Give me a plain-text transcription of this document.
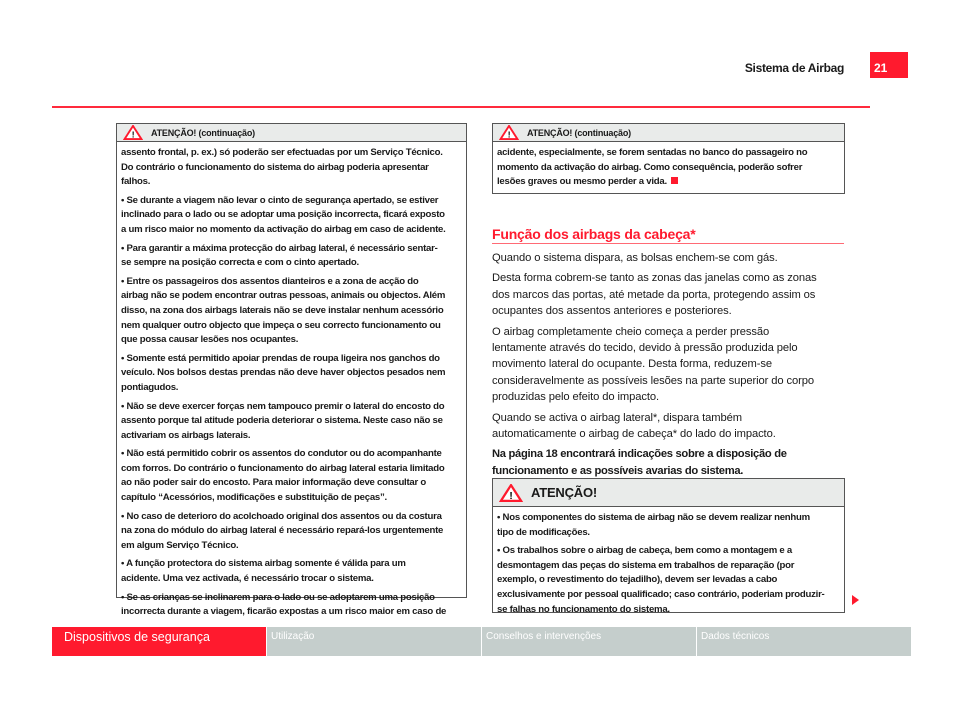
Sistema de Airbag	21
! ATENÇÃO! (continuação)

assento frontal, p. ex.) só poderão ser efectuadas por um Serviço Técnico.
Do contrário o funcionamento do sistema do airbag poderia apresentar
falhos.

• Se durante a viagem não levar o cinto de segurança apertado, se estiver
inclinado para o lado ou se adoptar uma posição incorrecta, ficará exposto
a um risco maior no momento da activação do airbag em caso de acidente.

• Para garantir a máxima protecção do airbag lateral, é necessário sentar-
se sempre na posição correcta e com o cinto apertado.

• Entre os passageiros dos assentos dianteiros e a zona de acção do
airbag não se podem encontrar outras pessoas, animais ou objectos. Além
disso, na zona dos airbags laterais não se deve instalar nenhum acessório
nem qualquer outro objecto que impeça o seu correcto funcionamento ou
que possa causar lesões nos ocupantes.

• Somente está permitido apoiar prendas de roupa ligeira nos ganchos do
veículo. Nos bolsos destas prendas não deve haver objectos pesados nem
pontiagudos.

• Não se deve exercer forças nem tampouco premir o lateral do encosto do
assento porque tal atitude poderia deteriorar o sistema. Neste caso não se
activariam os airbags laterais.

• Não está permitido cobrir os assentos do condutor ou do acompanhante
com forros. Do contrário o funcionamento do airbag lateral estaria limitado
ao não poder sair do encosto. Para maior informação deve consultar o
capítulo “Acessórios, modificações e substituição de peças”.

• No caso de deterioro do acolchoado original dos assentos ou da costura
na zona do módulo do airbag lateral é necessário repará-los urgentemente
em algum Serviço Técnico.

• A função protectora do sistema airbag somente é válida para um
acidente. Uma vez activada, é necessário trocar o sistema.

• Se as crianças se inclinarem para o lado ou se adoptarem uma posição
incorrecta durante a viagem, ficarão expostas a um risco maior em caso de

! ATENÇÃO! (continuação)

acidente, especialmente, se forem sentadas no banco do passageiro no
momento da activação do airbag. Como consequência, poderão sofrer
lesões graves ou mesmo perder a vida.

Função dos airbags da cabeça*

Quando o sistema dispara, as bolsas enchem-se com gás.

Desta forma cobrem-se tanto as zonas das janelas como as zonas
dos marcos das portas, até metade da porta, protegendo assim os
ocupantes dos assentos anteriores e posteriores.

O airbag completamente cheio começa a perder pressão
lentamente através do tecido, devido à pressão produzida pelo
movimento lateral do ocupante. Desta forma, reduzem-se
consideravelmente as possíveis lesões na parte superior do corpo
produzidas pelo efeito do impacto.

Quando se activa o airbag lateral*, dispara também
automaticamente o airbag de cabeça* do lado do impacto.

Na página 18 encontrará indicações sobre a disposição de
funcionamento e as possíveis avarias do sistema.

! ATENÇÃO!

• Nos componentes do sistema de airbag não se devem realizar nenhum
tipo de modificações.

• Os trabalhos sobre o airbag de cabeça, bem como a montagem e a
desmontagem das peças do sistema em trabalhos de reparação (por
exemplo, o revestimento do tejadilho), devem ser levadas a cabo
exclusivamente por pessoal qualificado; caso contrário, poderiam produzir-
se falhas no funcionamento do sistema.

Dispositivos de segurança	Utilização	Conselhos e intervenções	Dados técnicos
